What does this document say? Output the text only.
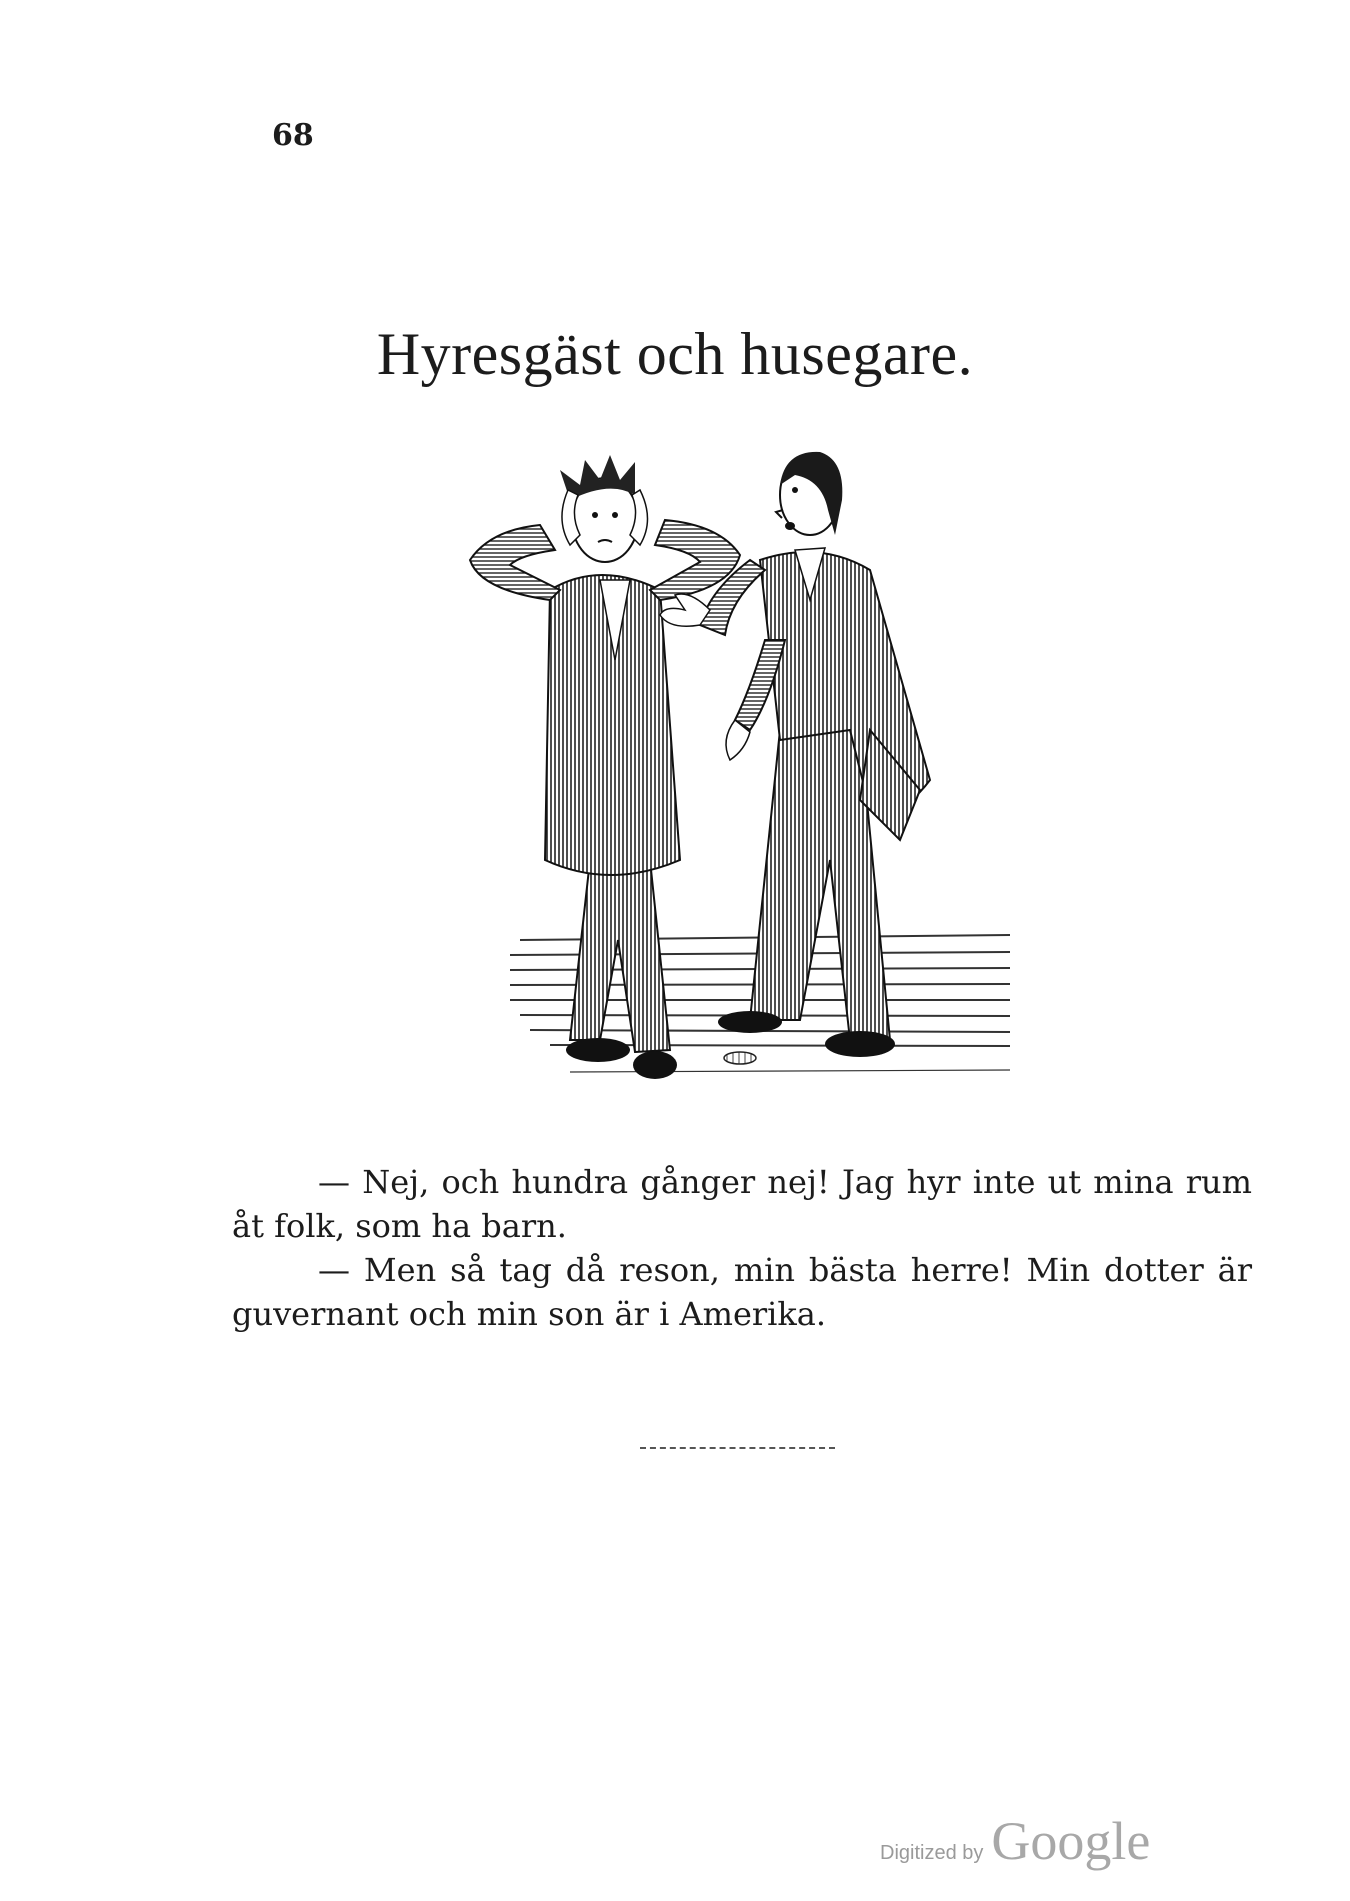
68
Hyresgäst och husegare.

— Nej, och hundra gånger nej! Jag hyr inte ut mina rum åt folk, som ha barn.

— Men så tag då reson, min bästa herre! Min dotter är guvernant och min son är i Amerika.

Digitized by Google
